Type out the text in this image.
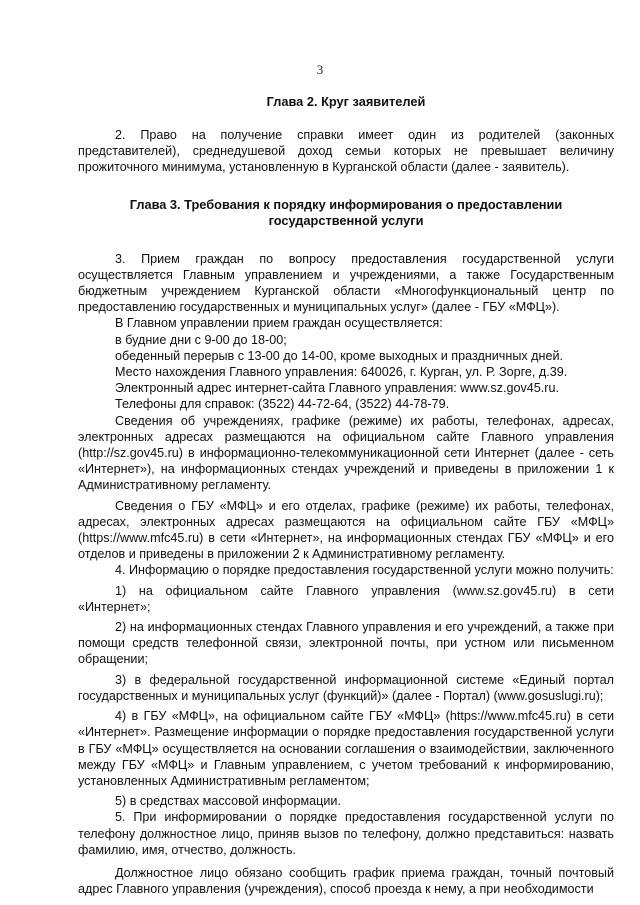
3

Глава 2. Круг заявителей

2. Право на получение справки имеет один из родителей (законных представителей), среднедушевой доход семьи которых не превышает величину прожиточного минимума, установленную в Курганской области (далее - заявитель).

Глава 3. Требования к порядку информирования о предоставлении государственной услуги

3. Прием граждан по вопросу предоставления государственной услуги осуществляется Главным управлением и учреждениями, а также Государственным бюджетным учреждением Курганской области «Многофункциональный центр по предоставлению государственных и муниципальных услуг» (далее - ГБУ «МФЦ»).

В Главном управлении прием граждан осуществляется:

в будние дни с 9-00 до 18-00;

обеденный перерыв с 13-00 до 14-00, кроме выходных и праздничных дней.

Место нахождения Главного управления: 640026, г. Курган, ул. Р. Зорге, д.39.

Электронный адрес интернет-сайта Главного управления: www.sz.gov45.ru.

Телефоны для справок: (3522) 44-72-64, (3522) 44-78-79.

Сведения об учреждениях, графике (режиме) их работы, телефонах, адресах, электронных адресах размещаются на официальном сайте Главного управления (http://sz.gov45.ru) в информационно-телекоммуникационной сети Интернет (далее - сеть «Интернет»), на информационных стендах учреждений и приведены в приложении 1 к Административному регламенту.

Сведения о ГБУ «МФЦ» и его отделах, графике (режиме) их работы, телефонах, адресах, электронных адресах размещаются на официальном сайте ГБУ «МФЦ» (https://www.mfc45.ru) в сети «Интернет», на информационных стендах ГБУ «МФЦ» и его отделов и приведены в приложении 2 к Административному регламенту.

4. Информацию о порядке предоставления государственной услуги можно получить:

1) на официальном сайте Главного управления (www.sz.gov45.ru) в сети «Интернет»;

2) на информационных стендах Главного управления и его учреждений, а также при помощи средств телефонной связи, электронной почты, при устном или письменном обращении;

3) в федеральной государственной информационной системе «Единый портал государственных и муниципальных услуг (функций)» (далее - Портал) (www.gosuslugi.ru);

4) в ГБУ «МФЦ», на официальном сайте ГБУ «МФЦ» (https://www.mfc45.ru) в сети «Интернет». Размещение информации о порядке предоставления государственной услуги в ГБУ «МФЦ» осуществляется на основании соглашения о взаимодействии, заключенного между ГБУ «МФЦ» и Главным управлением, с учетом требований к информированию, установленных Административным регламентом;

5) в средствах массовой информации.

5. При информировании о порядке предоставления государственной услуги по телефону должностное лицо, приняв вызов по телефону, должно представиться: назвать фамилию, имя, отчество, должность.

Должностное лицо обязано сообщить график приема граждан, точный почтовый адрес Главного управления (учреждения), способ проезда к нему, а при необходимости
